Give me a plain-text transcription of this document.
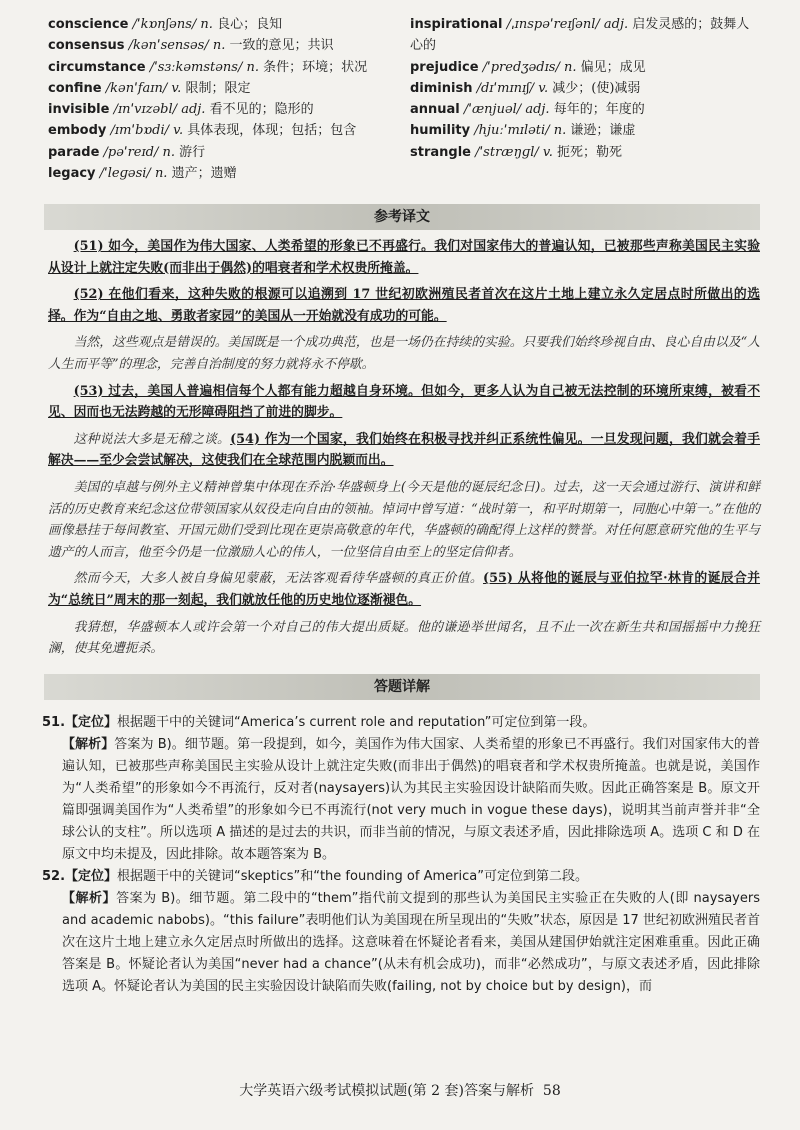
conscience /ˈkɒnʃəns/ n. 良心；良知
consensus /kənˈsensəs/ n. 一致的意见；共识
circumstance /ˈsɜːkəmstəns/ n. 条件；环境；状况
confine /kənˈfaɪn/ v. 限制；限定
invisible /ɪnˈvɪzəbl/ adj. 看不见的；隐形的
embody /ɪmˈbɒdi/ v. 具体表现，体现；包括；包含
parade /pəˈreɪd/ n. 游行
legacy /ˈleɡəsi/ n. 遗产；遗赠
inspirational /ˌɪnspəˈreɪʃənl/ adj. 启发灵感的；鼓舞人心的
prejudice /ˈpredʒədɪs/ n. 偏见；成见
diminish /dɪˈmɪnɪʃ/ v. 减少；(使)减弱
annual /ˈænjuəl/ adj. 每年的；年度的
humility /hjuːˈmɪləti/ n. 谦逊；谦虚
strangle /ˈstræŋɡl/ v. 扼死；勒死
参考译文

(51) 如今，美国作为伟大国家、人类希望的形象已不再盛行。我们对国家伟大的普遍认知，已被那些声称美国民主实验从设计上就注定失败(而非出于偶然)的唱衰者和学术权贵所掩盖。

(52) 在他们看来，这种失败的根源可以追溯到 17 世纪初欧洲殖民者首次在这片土地上建立永久定居点时所做出的选择。作为“自由之地、勇敢者家园”的美国从一开始就没有成功的可能。

当然，这些观点是错误的。美国既是一个成功典范，也是一场仍在持续的实验。只要我们始终珍视自由、良心自由以及“人人生而平等”的理念，完善自治制度的努力就将永不停歇。

(53) 过去，美国人普遍相信每个人都有能力超越自身环境。但如今，更多人认为自己被无法控制的环境所束缚，被看不见、因而也无法跨越的无形障碍阻挡了前进的脚步。

这种说法大多是无稽之谈。(54) 作为一个国家，我们始终在积极寻找并纠正系统性偏见。一旦发现问题，我们就会着手解决——至少会尝试解决，这使我们在全球范围内脱颖而出。

美国的卓越与例外主义精神曾集中体现在乔治·华盛顿身上(今天是他的诞辰纪念日)。过去，这一天会通过游行、演讲和鲜活的历史教育来纪念这位带领国家从奴役走向自由的领袖。悼词中曾写道：“战时第一，和平时期第一，同胞心中第一。”在他的画像悬挂于每间教室、开国元勋们受到比现在更崇高敬意的年代，华盛顿的确配得上这样的赞誉。对任何愿意研究他的生平与遗产的人而言，他至今仍是一位激励人心的伟人，一位坚信自由至上的坚定信仰者。

然而今天，大多人被自身偏见蒙蔽，无法客观看待华盛顿的真正价值。(55) 从将他的诞辰与亚伯拉罕·林肯的诞辰合并为“总统日”周末的那一刻起，我们就放任他的历史地位逐渐褪色。

我猜想，华盛顿本人或许会第一个对自己的伟大提出质疑。他的谦逊举世闻名，且不止一次在新生共和国摇摇中力挽狂澜，使其免遭扼杀。

答题详解

51.【定位】根据题干中的关键词“America’s current role and reputation”可定位到第一段。

【解析】答案为 B)。细节题。第一段提到，如今，美国作为伟大国家、人类希望的形象已不再盛行。我们对国家伟大的普遍认知，已被那些声称美国民主实验从设计上就注定失败(而非出于偶然)的唱衰者和学术权贵所掩盖。也就是说，美国作为“人类希望”的形象如今不再流行，反对者(naysayers)认为其民主实验因设计缺陷而失败。因此正确答案是 B。原文开篇即强调美国作为“人类希望”的形象如今已不再流行(not very much in vogue these days)，说明其当前声誉并非“全球公认的支柱”。所以选项 A 描述的是过去的共识，而非当前的情况，与原文表述矛盾，因此排除选项 A。选项 C 和 D 在原文中均未提及，因此排除。故本题答案为 B。

52.【定位】根据题干中的关键词“skeptics”和“the founding of America”可定位到第二段。

【解析】答案为 B)。细节题。第二段中的“them”指代前文提到的那些认为美国民主实验正在失败的人(即 naysayers and academic nabobs)。“this failure”表明他们认为美国现在所呈现出的“失败”状态，原因是 17 世纪初欧洲殖民者首次在这片土地上建立永久定居点时所做出的选择。这意味着在怀疑论者看来，美国从建国伊始就注定困难重重。因此正确答案是 B。怀疑论者认为美国“never had a chance”(从未有机会成功)，而非“必然成功”，与原文表述矛盾，因此排除选项 A。怀疑论者认为美国的民主实验因设计缺陷而失败(failing, not by choice but by design)，而

大学英语六级考试模拟试题(第 2 套)答案与解析 58
